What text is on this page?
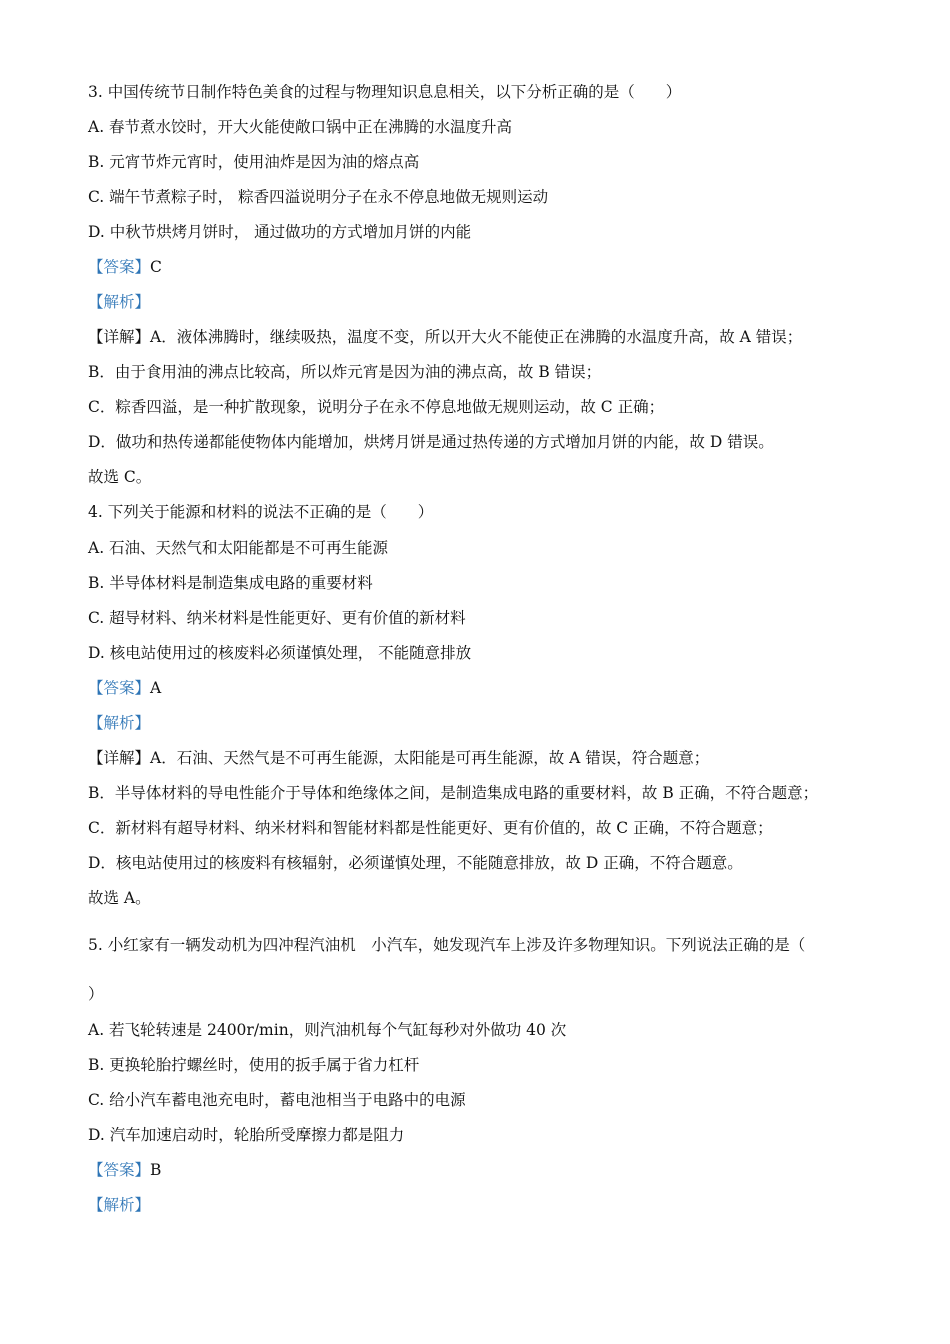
3. 中国传统节日制作特色美食的过程与物理知识息息相关，以下分析正确的是（　　）
A. 春节煮水饺时，开大火能使敞口锅中正在沸腾的水温度升高
B. 元宵节炸元宵时，使用油炸是因为油的熔点高
C. 端午节煮粽子时， 粽香四溢说明分子在永不停息地做无规则运动
D. 中秋节烘烤月饼时， 通过做功的方式增加月饼的内能
【答案】C
【解析】
【详解】A．液体沸腾时，继续吸热，温度不变，所以开大火不能使正在沸腾的水温度升高，故 A 错误；
B．由于食用油的沸点比较高，所以炸元宵是因为油的沸点高，故 B 错误；
C．粽香四溢，是一种扩散现象，说明分子在永不停息地做无规则运动，故 C 正确；
D．做功和热传递都能使物体内能增加，烘烤月饼是通过热传递的方式增加月饼的内能，故 D 错误。
故选 C。
4. 下列关于能源和材料的说法不正确的是（　　）
A. 石油、天然气和太阳能都是不可再生能源
B. 半导体材料是制造集成电路的重要材料
C. 超导材料、纳米材料是性能更好、更有价值的新材料
D. 核电站使用过的核废料必须谨慎处理， 不能随意排放
【答案】A
【解析】
【详解】A．石油、天然气是不可再生能源，太阳能是可再生能源，故 A 错误，符合题意；
B．半导体材料的导电性能介于导体和绝缘体之间，是制造集成电路的重要材料，故 B 正确，不符合题意；
C．新材料有超导材料、纳米材料和智能材料都是性能更好、更有价值的，故 C 正确，不符合题意；
D．核电站使用过的核废料有核辐射，必须谨慎处理，不能随意排放，故 D 正确，不符合题意。
故选 A。
5. 小红家有一辆发动机为四冲程汽油机　小汽车，她发现汽车上涉及许多物理知识。下列说法正确的是（
）
A. 若飞轮转速是 2400r/min，则汽油机每个气缸每秒对外做功 40 次
B. 更换轮胎拧螺丝时，使用的扳手属于省力杠杆
C. 给小汽车蓄电池充电时，蓄电池相当于电路中的电源
D. 汽车加速启动时，轮胎所受摩擦力都是阻力
【答案】B
【解析】
